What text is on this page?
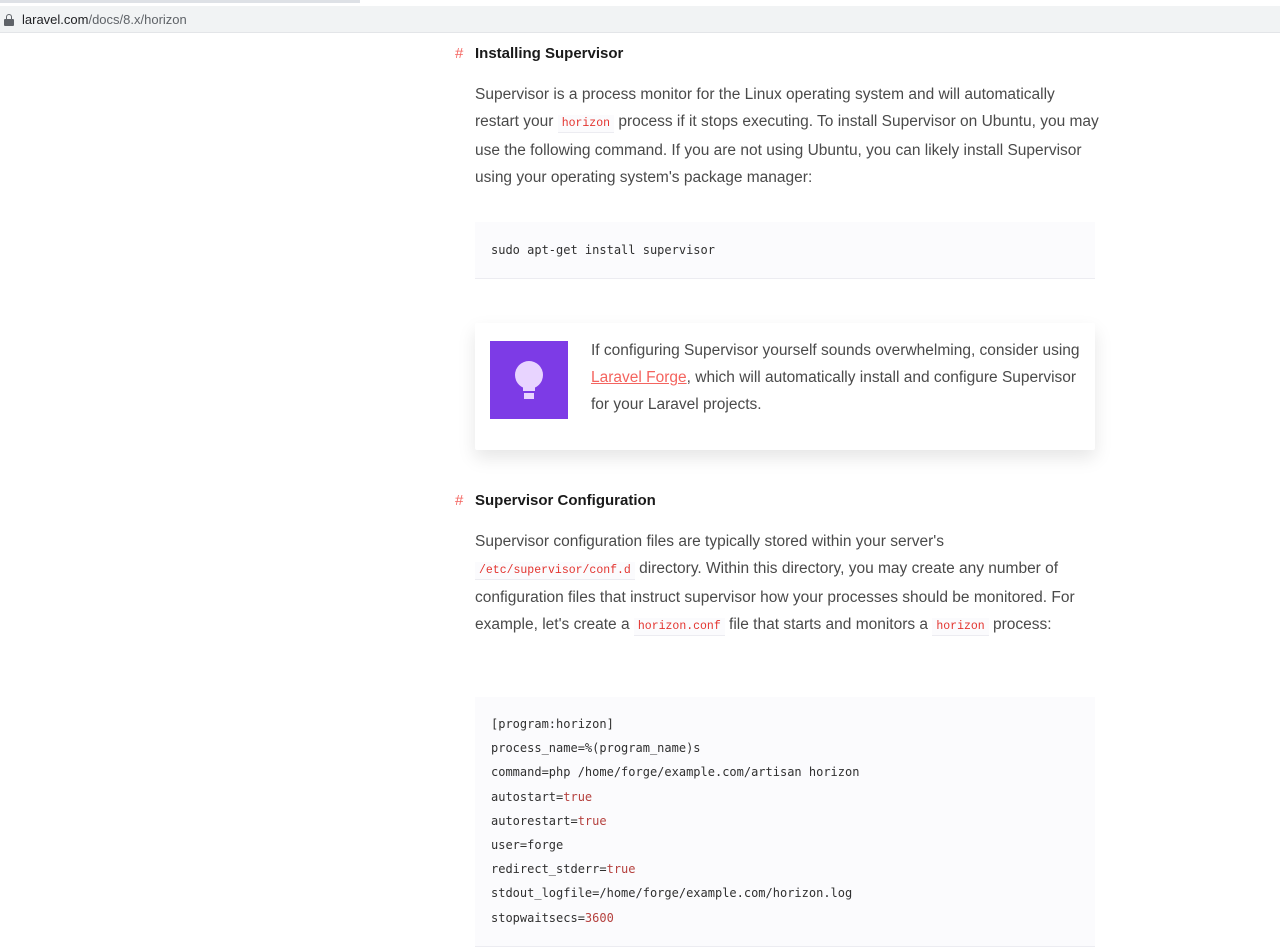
laravel.com/docs/8.x/horizon
# Installing Supervisor

Supervisor is a process monitor for the Linux operating system and will automatically restart your horizon process if it stops executing. To install Supervisor on Ubuntu, you may use the following command. If you are not using Ubuntu, you can likely install Supervisor using your operating system's package manager:

sudo apt-get install supervisor

If configuring Supervisor yourself sounds overwhelming, consider using Laravel Forge, which will automatically install and configure Supervisor for your Laravel projects.

# Supervisor Configuration

Supervisor configuration files are typically stored within your server's /etc/supervisor/conf.d directory. Within this directory, you may create any number of configuration files that instruct supervisor how your processes should be monitored. For example, let's create a horizon.conf file that starts and monitors a horizon process:

[program:horizon]
process_name=%(program_name)s
command=php /home/forge/example.com/artisan horizon
autostart=true
autorestart=true
user=forge
redirect_stderr=true
stdout_logfile=/home/forge/example.com/horizon.log
stopwaitsecs=3600
